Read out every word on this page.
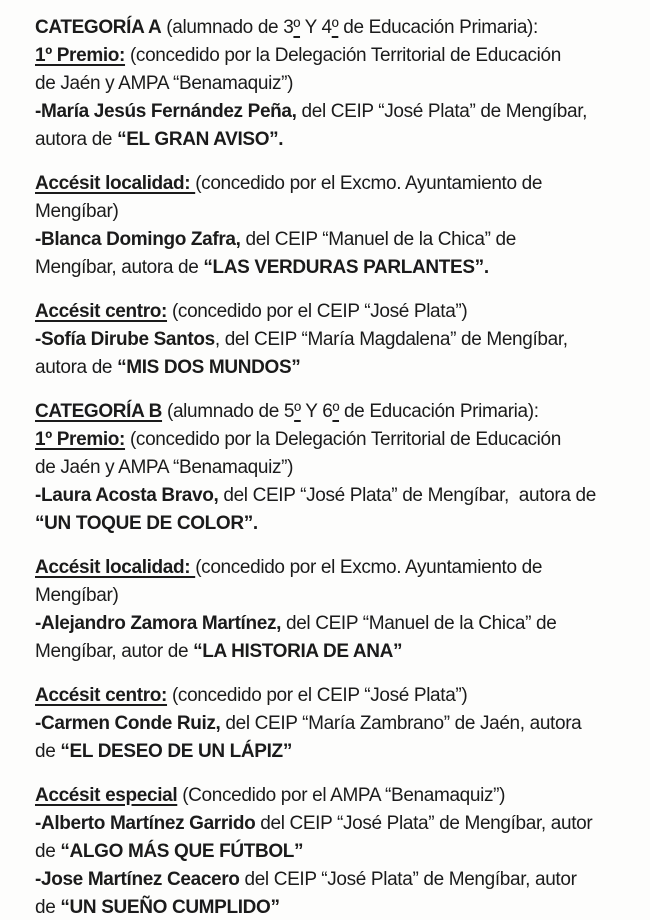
CATEGORÍA A (alumnado de 3º Y 4º de Educación Primaria):
1º Premio: (concedido por la Delegación Territorial de Educación
de Jaén y AMPA “Benamaquiz”)
-María Jesús Fernández Peña, del CEIP “José Plata” de Mengíbar,
autora de “EL GRAN AVISO”.
Accésit localidad: (concedido por el Excmo. Ayuntamiento de
Mengíbar)
-Blanca Domingo Zafra, del CEIP “Manuel de la Chica” de
Mengíbar, autora de “LAS VERDURAS PARLANTES”.
Accésit centro: (concedido por el CEIP “José Plata”)
-Sofía Dirube Santos, del CEIP “María Magdalena” de Mengíbar,
autora de “MIS DOS MUNDOS”
CATEGORÍA B (alumnado de 5º Y 6º de Educación Primaria):
1º Premio: (concedido por la Delegación Territorial de Educación
de Jaén y AMPA “Benamaquiz”)
-Laura Acosta Bravo, del CEIP “José Plata” de Mengíbar,  autora de
“UN TOQUE DE COLOR”.
Accésit localidad: (concedido por el Excmo. Ayuntamiento de
Mengíbar)
-Alejandro Zamora Martínez, del CEIP “Manuel de la Chica” de
Mengíbar, autor de “LA HISTORIA DE ANA”
Accésit centro: (concedido por el CEIP “José Plata”)
-Carmen Conde Ruiz, del CEIP “María Zambrano” de Jaén, autora
de “EL DESEO DE UN LÁPIZ”
Accésit especial (Concedido por el AMPA “Benamaquiz”)
-Alberto Martínez Garrido del CEIP “José Plata” de Mengíbar, autor
de “ALGO MÁS QUE FÚTBOL”
-Jose Martínez Ceacero del CEIP “José Plata” de Mengíbar, autor
de “UN SUEÑO CUMPLIDO”
